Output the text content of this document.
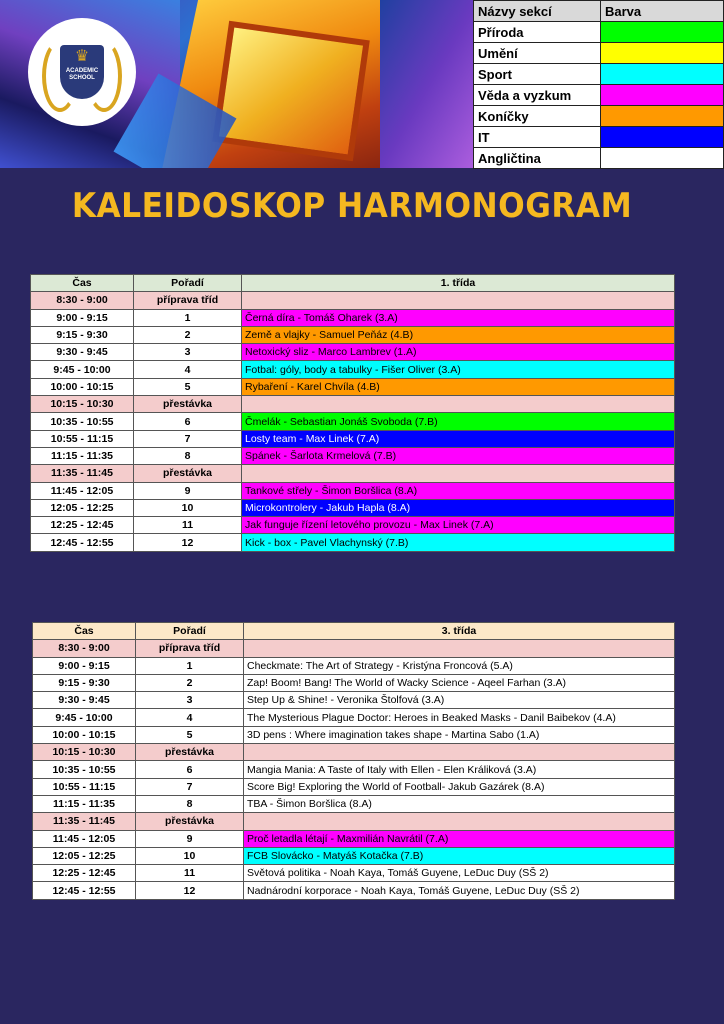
♛
ACADEMIC
SCHOOL
Názvy sekcí	Barva
Příroda	
Umění	
Sport	
Věda a vyzkum	
Koníčky	
IT	
Angličtina	
KALEIDOSKOP HARMONOGRAM
Čas	Pořadí	1. třída
8:30 - 9:00	příprava tříd	
9:00 - 9:15	1	Černá díra - Tomáš Oharek (3.A)
9:15 - 9:30	2	Země a vlajky - Samuel Peňáz (4.B)
9:30 - 9:45	3	Netoxický sliz - Marco Lambrev (1.A)
9:45 - 10:00	4	Fotbal: góly, body a tabulky - Fišer Oliver (3.A)
10:00 - 10:15	5	Rybaření - Karel Chvíla (4.B)
10:15 - 10:30	přestávka	
10:35 - 10:55	6	Čmelák - Sebastian Jonáš Svoboda (7.B)
10:55 - 11:15	7	Losty team - Max Linek (7.A)
11:15 - 11:35	8	Spánek - Šarlota Krmelová (7.B)
11:35 - 11:45	přestávka	
11:45 - 12:05	9	Tankové střely - Šimon Boršlica (8.A)
12:05 - 12:25	10	Microkontrolery - Jakub Hapla (8.A)
12:25 - 12:45	11	Jak funguje řízení letového provozu - Max Linek (7.A)
12:45 - 12:55	12	Kick - box - Pavel Vlachynský (7.B)
Čas	Pořadí	3. třída
8:30 - 9:00	příprava tříd	
9:00 - 9:15	1	Checkmate: The Art of Strategy - Kristýna Froncová (5.A)
9:15 - 9:30	2	Zap! Boom! Bang! The World of Wacky Science - Aqeel Farhan (3.A)
9:30 - 9:45	3	Step Up & Shine! - Veronika Štolfová (3.A)
9:45 - 10:00	4	The Mysterious Plague Doctor: Heroes in Beaked Masks - Danil Baibekov (4.A)
10:00 - 10:15	5	3D pens : Where imagination takes shape - Martina Sabo (1.A)
10:15 - 10:30	přestávka	
10:35 - 10:55	6	Mangia Mania: A Taste of Italy with Ellen - Elen Králiková (3.A)
10:55 - 11:15	7	Score Big! Exploring the World of Football- Jakub Gazárek (8.A)
11:15 - 11:35	8	TBA - Šimon Boršlica (8.A)
11:35 - 11:45	přestávka	
11:45 - 12:05	9	Proč letadla létají - Maxmilián Navrátil (7.A)
12:05 - 12:25	10	FCB Slovácko - Matyáš Kotačka (7.B)
12:25 - 12:45	11	Světová politika - Noah Kaya, Tomáš Guyene, LeDuc Duy (SŠ 2)
12:45 - 12:55	12	Nadnárodní korporace - Noah Kaya, Tomáš Guyene, LeDuc Duy (SŠ 2)
